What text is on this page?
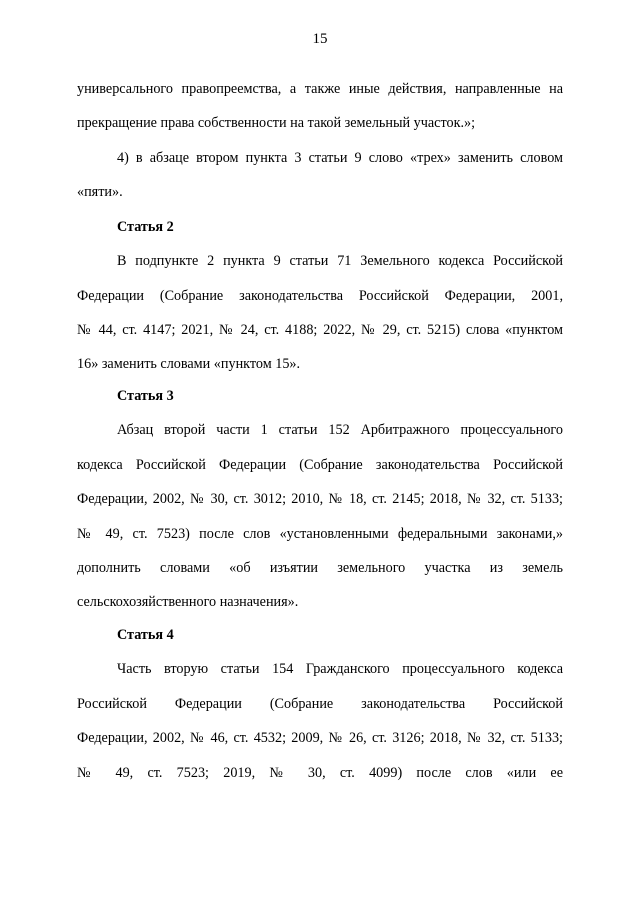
15
универсального правопреемства, а также иные действия, направленные на
прекращение права собственности на такой земельный участок.»;
4) в абзаце втором пункта 3 статьи 9 слово «трех» заменить словом
«пяти».
Статья 2
В подпункте 2 пункта 9 статьи 71 Земельного кодекса Российской
Федерации (Собрание законодательства Российской Федерации, 2001,
№ 44, ст. 4147; 2021, № 24, ст. 4188; 2022, № 29, ст. 5215) слова «пунктом
16» заменить словами «пунктом 15».
Статья 3
Абзац второй части 1 статьи 152 Арбитражного процессуального
кодекса Российской Федерации (Собрание законодательства Российской
Федерации, 2002, № 30, ст. 3012; 2010, № 18, ст. 2145; 2018, № 32, ст. 5133;
№ 49, ст. 7523) после слов «установленными федеральными законами,»
дополнить словами «об изъятии земельного участка из земель
сельскохозяйственного назначения».
Статья 4
Часть вторую статьи 154 Гражданского процессуального кодекса
Российской Федерации (Собрание законодательства Российской
Федерации, 2002, № 46, ст. 4532; 2009, № 26, ст. 3126; 2018, № 32, ст. 5133;
№ 49, ст. 7523; 2019, № 30, ст. 4099) после слов «или ее
